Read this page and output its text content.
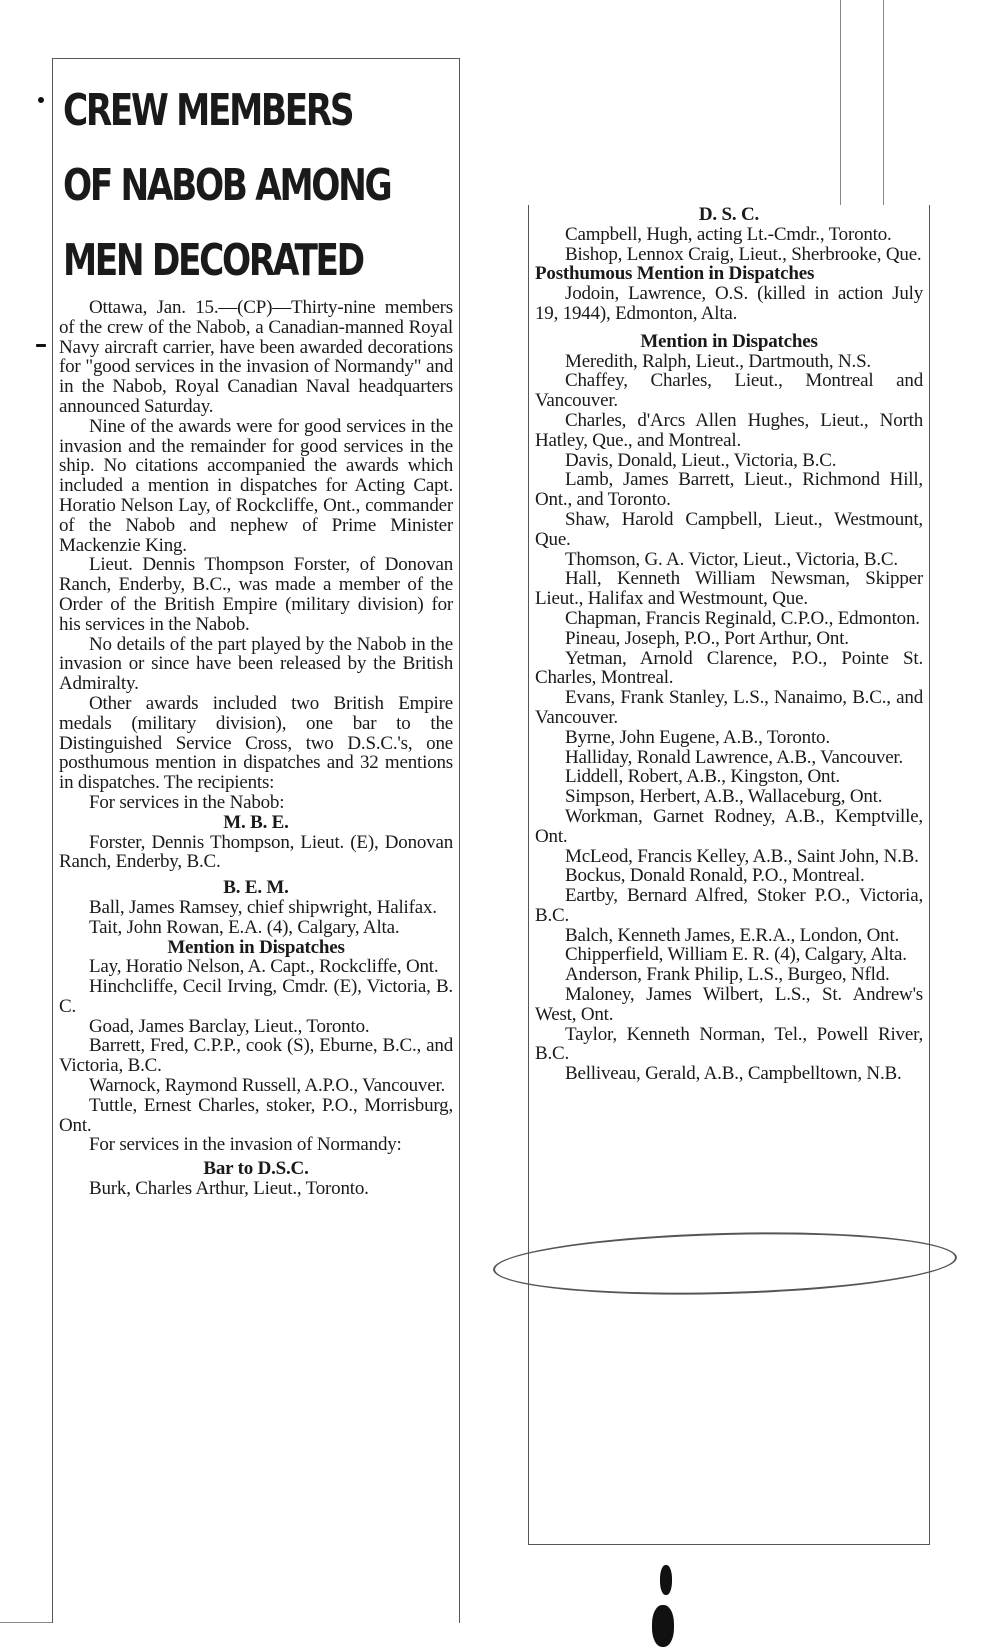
CREW MEMBERS
OF NABOB AMONG
MEN DECORATED
Ottawa, Jan. 15.—(CP)—Thirty-nine members of the crew of the Nabob, a Canadian-manned Royal Navy aircraft carrier, have been awarded decorations for "good services in the invasion of Normandy" and in the Nabob, Royal Canadian Naval headquarters announced Saturday.
Nine of the awards were for good services in the invasion and the remainder for good services in the ship. No citations accompanied the awards which included a mention in dispatches for Acting Capt. Horatio Nelson Lay, of Rockcliffe, Ont., commander of the Nabob and nephew of Prime Minister Mackenzie King.
Lieut. Dennis Thompson Forster, of Donovan Ranch, Enderby, B.C., was made a member of the Order of the British Empire (military division) for his services in the Nabob.
No details of the part played by the Nabob in the invasion or since have been released by the British Admiralty.
Other awards included two British Empire medals (military division), one bar to the Distinguished Service Cross, two D.S.C.'s, one posthumous mention in dispatches and 32 mentions in dispatches. The recipients:
For services in the Nabob:
M. B. E.
Forster, Dennis Thompson, Lieut. (E), Donovan Ranch, Enderby, B.C.
B. E. M.
Ball, James Ramsey, chief shipwright, Halifax.
Tait, John Rowan, E.A. (4), Calgary, Alta.
Mention in Dispatches
Lay, Horatio Nelson, A. Capt., Rockcliffe, Ont.
Hinchcliffe, Cecil Irving, Cmdr. (E), Victoria, B. C.
Goad, James Barclay, Lieut., Toronto.
Barrett, Fred, C.P.P., cook (S), Eburne, B.C., and Victoria, B.C.
Warnock, Raymond Russell, A.P.O., Vancouver.
Tuttle, Ernest Charles, stoker, P.O., Morrisburg, Ont.
For services in the invasion of Normandy:
Bar to D.S.C.
Burk, Charles Arthur, Lieut., Toronto.
D. S. C.
Campbell, Hugh, acting Lt.-Cmdr., Toronto.
Bishop, Lennox Craig, Lieut., Sherbrooke, Que.
Posthumous Mention in Dispatches
Jodoin, Lawrence, O.S. (killed in action July 19, 1944), Edmonton, Alta.
Mention in Dispatches
Meredith, Ralph, Lieut., Dartmouth, N.S.
Chaffey, Charles, Lieut., Montreal and Vancouver.
Charles, d'Arcs Allen Hughes, Lieut., North Hatley, Que., and Montreal.
Davis, Donald, Lieut., Victoria, B.C.
Lamb, James Barrett, Lieut., Richmond Hill, Ont., and Toronto.
Shaw, Harold Campbell, Lieut., Westmount, Que.
Thomson, G. A. Victor, Lieut., Victoria, B.C.
Hall, Kenneth William Newsman, Skipper Lieut., Halifax and Westmount, Que.
Chapman, Francis Reginald, C.P.O., Edmonton.
Pineau, Joseph, P.O., Port Arthur, Ont.
Yetman, Arnold Clarence, P.O., Pointe St. Charles, Montreal.
Evans, Frank Stanley, L.S., Nanaimo, B.C., and Vancouver.
Byrne, John Eugene, A.B., Toronto.
Halliday, Ronald Lawrence, A.B., Vancouver.
Liddell, Robert, A.B., Kingston, Ont.
Simpson, Herbert, A.B., Wallaceburg, Ont.
Workman, Garnet Rodney, A.B., Kemptville, Ont.
McLeod, Francis Kelley, A.B., Saint John, N.B.
Bockus, Donald Ronald, P.O., Montreal.
Eartby, Bernard Alfred, Stoker P.O., Victoria, B.C.
Balch, Kenneth James, E.R.A., London, Ont.
Chipperfield, William E. R. (4), Calgary, Alta.
Anderson, Frank Philip, L.S., Burgeo, Nfld.
Maloney, James Wilbert, L.S., St. Andrew's West, Ont.
Taylor, Kenneth Norman, Tel., Powell River, B.C.
Belliveau, Gerald, A.B., Campbelltown, N.B.
